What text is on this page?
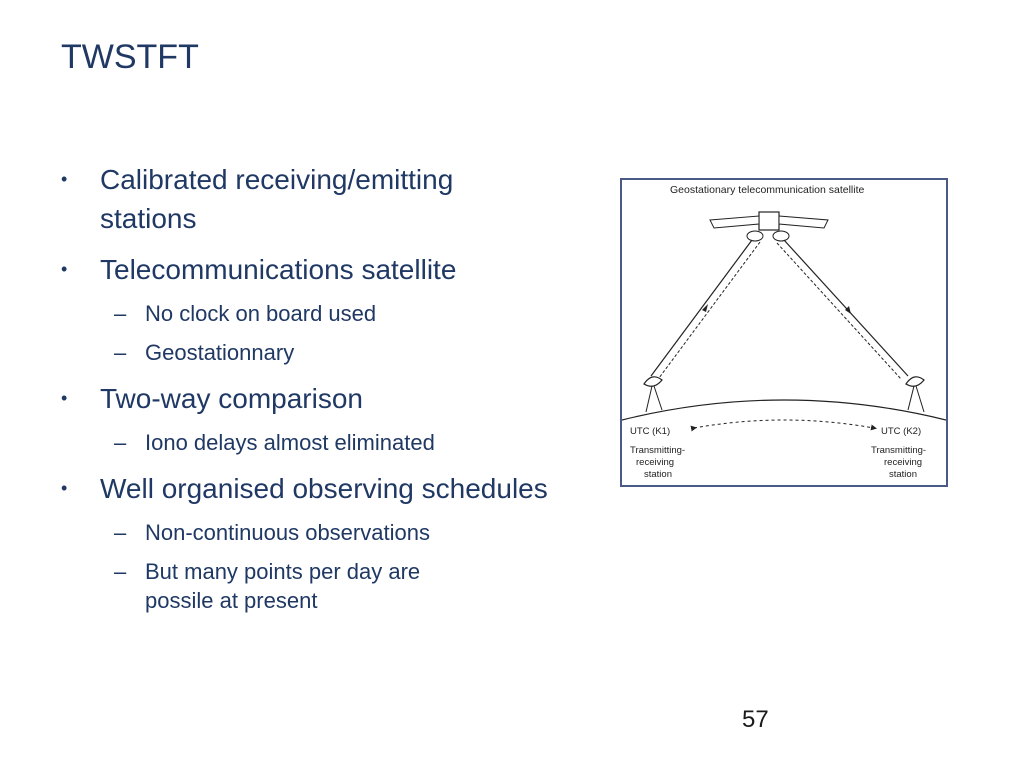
TWSTFT
• Calibrated receiving/emitting stations
• Telecommunications satellite
– No clock on board used
– Geostationnary
• Two-way comparison
– Iono delays almost eliminated
• Well organised observing schedules
– Non-continuous observations
– But many points per day are possile at present
Geostationary telecommunication satellite
UTC (K1)
Transmitting-
receiving
station
UTC (K2)
Transmitting-
receiving
station
57
